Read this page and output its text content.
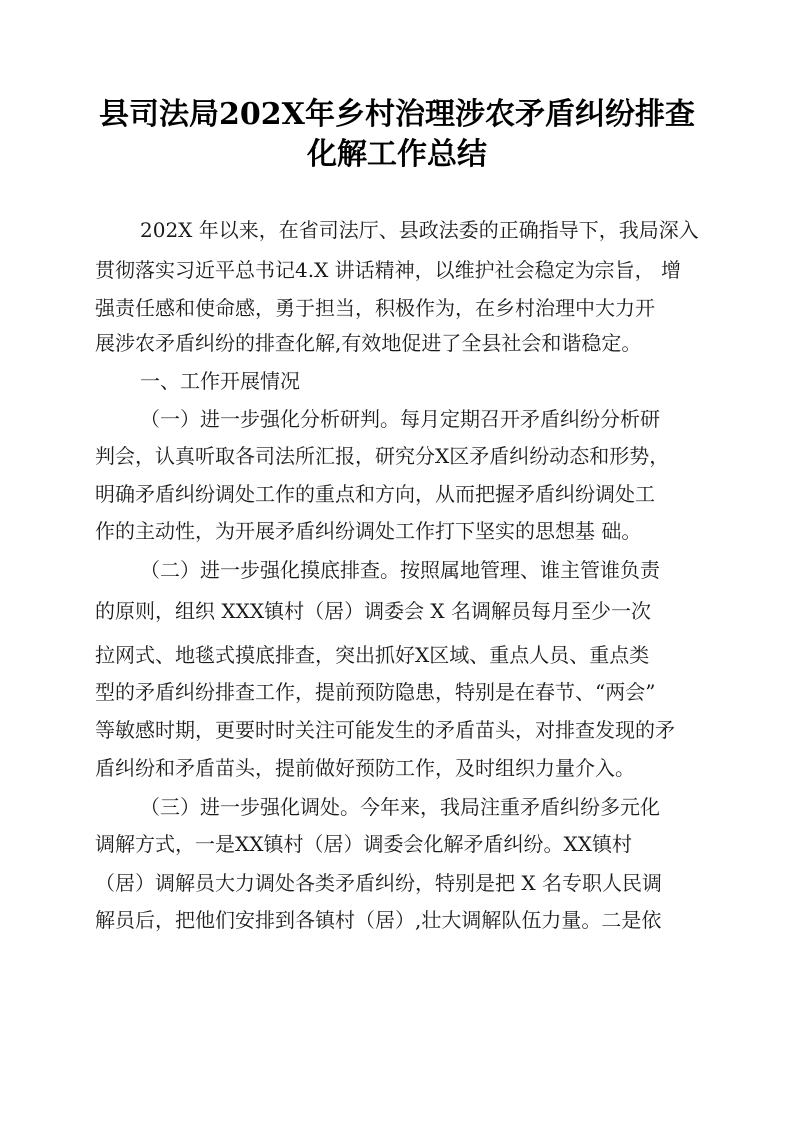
县司法局202X年乡村治理涉农矛盾纠纷排查
化解工作总结
202X 年以来，在省司法厅、县政法委的正确指导下，我局深入
贯彻落实习近平总书记4.X 讲话精神，以维护社会稳定为宗旨， 增
强责任感和使命感，勇于担当，积极作为，在乡村治理中大力开
展涉农矛盾纠纷的排查化解,有效地促进了全县社会和谐稳定。
一、工作开展情况
（一）进一步强化分析研判。每月定期召开矛盾纠纷分析研
判会，认真听取各司法所汇报，研究分X区矛盾纠纷动态和形势，
明确矛盾纠纷调处工作的重点和方向，从而把握矛盾纠纷调处工
作的主动性，为开展矛盾纠纷调处工作打下坚实的思想基 础。
（二）进一步强化摸底排查。按照属地管理、谁主管谁负责
的原则，组织 XXX镇村（居）调委会 X 名调解员每月至少一次
拉网式、地毯式摸底排查，突出抓好X区域、重点人员、重点类
型的矛盾纠纷排查工作，提前预防隐患，特别是在春节、“两会”
等敏感时期，更要时时关注可能发生的矛盾苗头，对排查发现的矛
盾纠纷和矛盾苗头，提前做好预防工作，及时组织力量介入。
（三）进一步强化调处。今年来，我局注重矛盾纠纷多元化
调解方式，一是XX镇村（居）调委会化解矛盾纠纷。XX镇村
（居）调解员大力调处各类矛盾纠纷，特别是把 X 名专职人民调
解员后，把他们安排到各镇村（居）,壮大调解队伍力量。二是依
